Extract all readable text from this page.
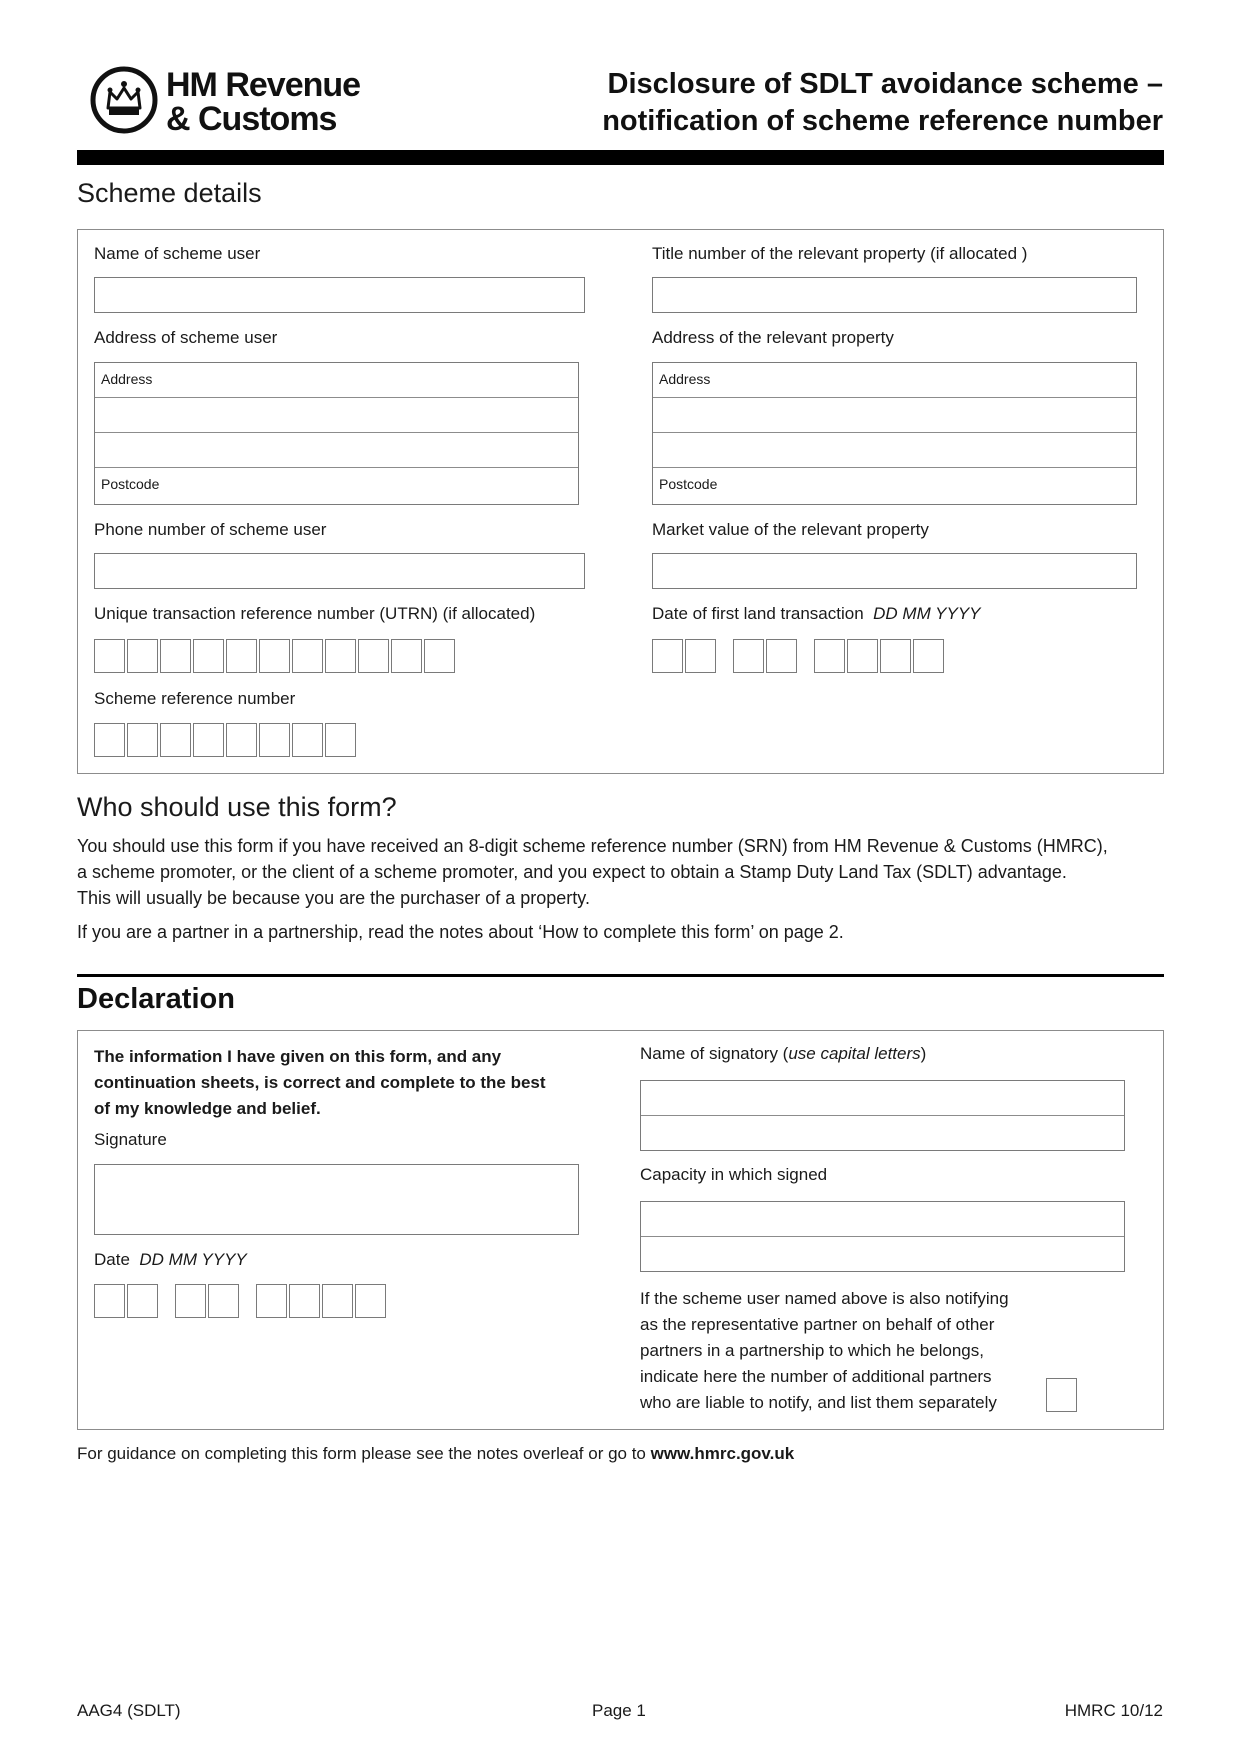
HM Revenue
& Customs
Disclosure of SDLT avoidance scheme –
notification of scheme reference number
Scheme details
Name of scheme user	Title number of the relevant property (if allocated )
Address of scheme user
Address
Postcode
Address of the relevant property
Address
Postcode
Phone number of scheme user	Market value of the relevant property
Unique transaction reference number (UTRN) (if allocated)	Date of first land transaction DD MM YYYY
Scheme reference number
Who should use this form?

You should use this form if you have received an 8-digit scheme reference number (SRN) from HM Revenue & Customs (HMRC),

a scheme promoter, or the client of a scheme promoter, and you expect to obtain a Stamp Duty Land Tax (SDLT) advantage.

This will usually be because you are the purchaser of a property.

If you are a partner in a partnership, read the notes about ‘How to complete this form’ on page 2.

Declaration
The information I have given on this form, and any
continuation sheets, is correct and complete to the best
of my knowledge and belief.
Signature
Date DD MM YYYY
Name of signatory (use capital letters)
Capacity in which signed
If the scheme user named above is also notifying
as the representative partner on behalf of other
partners in a partnership to which he belongs,
indicate here the number of additional partners
who are liable to notify, and list them separately
For guidance on completing this form please see the notes overleaf or go to www.hmrc.gov.uk
AAG4 (SDLT)	Page 1	HMRC 10/12
